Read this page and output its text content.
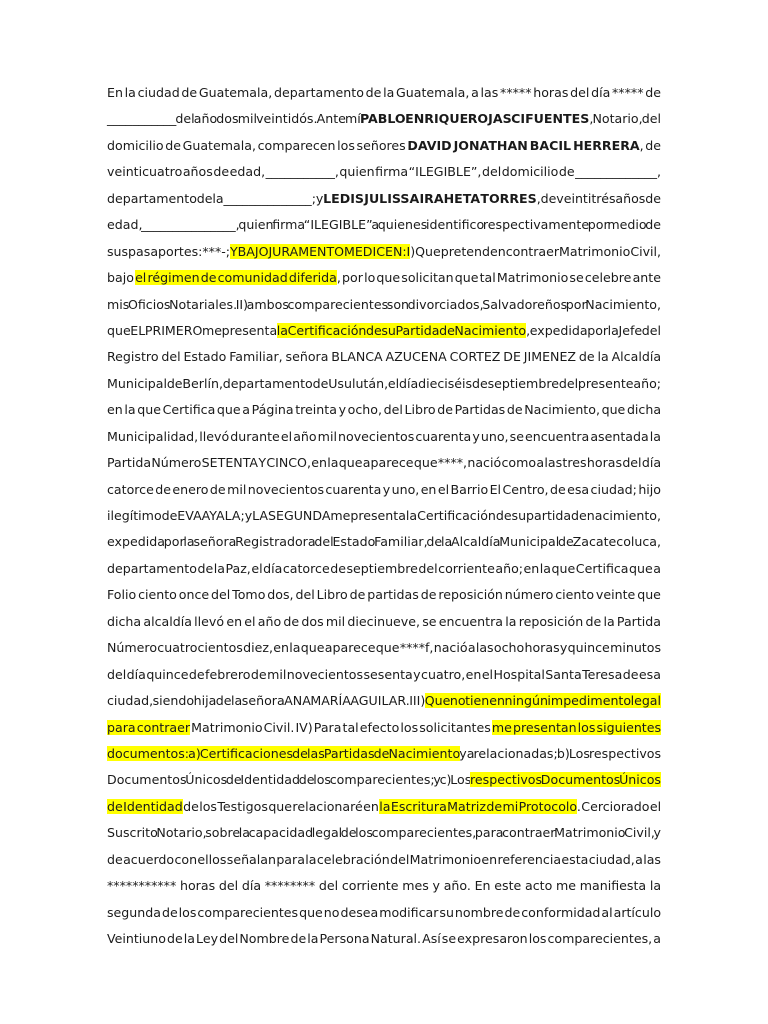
En la ciudad de Guatemala, departamento de la Guatemala, a las ***** horas del día ***** de
___________ del año dos mil veintidós. Ante mí PABLO ENRIQUE ROJAS CIFUENTES, Notario, del
domicilio de Guatemala, comparecen los señores DAVID JONATHAN BACIL HERRERA, de
veinticuatro años de edad, ___________, quien firma “ILEGIBLE”, del domicilio de _____________,
departamento de la ______________; y LEDIS JULISSA IRAHETA TORRES, de veintitrés años de
edad, _______________, quien firma “ILEGIBLE” a quienes identifico respectivamente por medio de
sus pasaportes: ***-; Y BAJO JURAMENTO ME DICEN: I) Que pretenden contraer Matrimonio Civil,
bajo el régimen de comunidad diferida, por lo que solicitan que tal Matrimonio se celebre ante
mis Oficios Notariales. II) ambos comparecientes son divorciados, Salvadoreños por Nacimiento,
que EL PRIMERO me presenta la Certificación de su Partida de Nacimiento, expedida por la Jefe del
Registro del Estado Familiar, señora BLANCA AZUCENA CORTEZ DE JIMENEZ de la Alcaldía
Municipal de Berlín, departamento de Usulután, el día dieciséis de septiembre del presente año;
en la que Certifica que a Página treinta y ocho, del Libro de Partidas de Nacimiento, que dicha
Municipalidad, llevó durante el año mil novecientos cuarenta y uno, se encuentra asentada la
Partida Número SETENTA Y CINCO, en la que aparece que ****, nació como a las tres horas del día
catorce de enero de mil novecientos cuarenta y uno, en el Barrio El Centro, de esa ciudad; hijo
ilegítimo de EVA AYALA; y LA SEGUNDA me presenta la Certificación de su partida de nacimiento,
expedida por la señora Registradora del Estado Familiar, de la Alcaldía Municipal de Zacatecoluca,
departamento de la Paz, el día catorce de septiembre del corriente año; en la que Certifica que a
Folio ciento once del Tomo dos, del Libro de partidas de reposición número ciento veinte que
dicha alcaldía llevó en el año de dos mil diecinueve, se encuentra la reposición de la Partida
Número cuatrocientos diez, en la que aparece que ****f, nació a las ocho horas y quince minutos
del día quince de febrero de mil novecientos sesenta y cuatro, en el Hospital Santa Teresa de esa
ciudad, siendo hija de la señora ANA MARÍA AGUILAR. III) Que no tienen ningún impedimento legal
para contraer Matrimonio Civil. IV) Para tal efecto los solicitantes me presentan los siguientes
documentos: a) Certificaciones de las Partidas de Nacimiento ya relacionadas; b) Los respectivos
Documentos Únicos de Identidad de los comparecientes; y c) Los respectivos Documentos Únicos
de Identidad de los Testigos que relacionaré en la Escritura Matriz de mi Protocolo. Cerciorado el
Suscrito Notario, sobre la capacidad legal de los comparecientes, para contraer Matrimonio Civil, y
de acuerdo con ellos señalan para la celebración del Matrimonio en referencia esta ciudad, a las
*********** horas del día ******** del corriente mes y año. En este acto me manifiesta la
segunda de los comparecientes que no desea modificar su nombre de conformidad al artículo
Veintiuno de la Ley del Nombre de la Persona Natural. Así se expresaron los comparecientes, a
